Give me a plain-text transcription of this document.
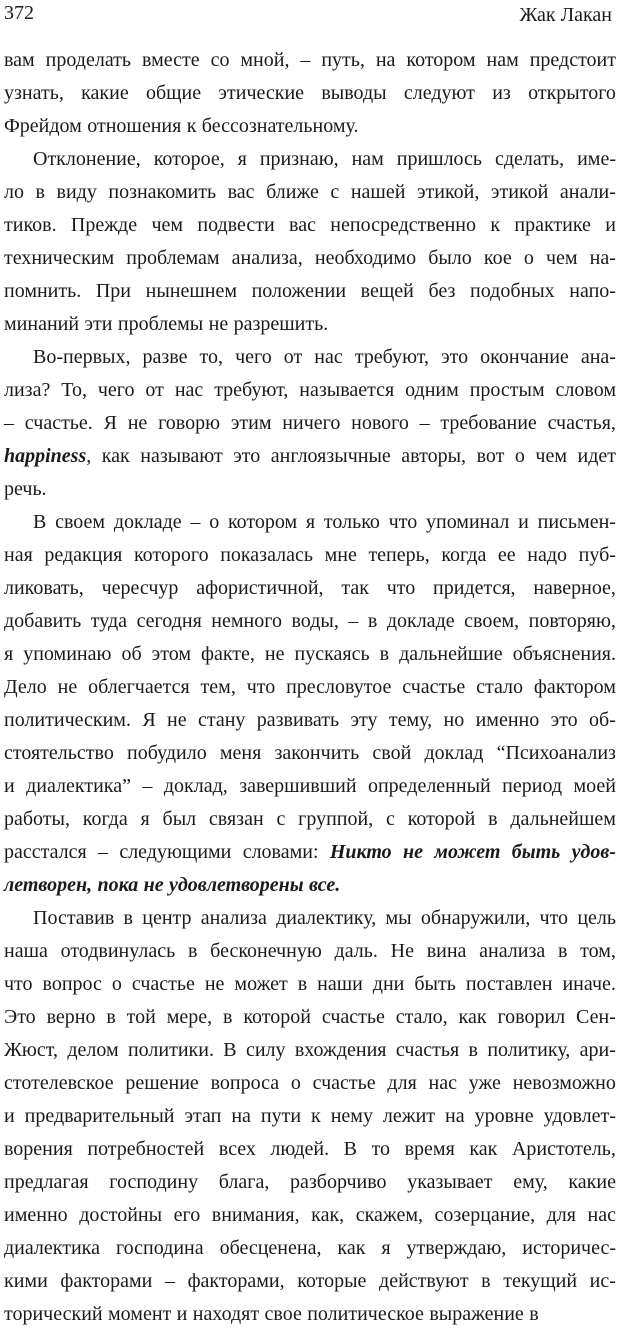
372	Жак Лакан
вам проделать вместе со мной, – путь, на котором нам предстоит
узнать, какие общие этические выводы следуют из открытого
Фрейдом отношения к бессознательному.
Отклонение, которое, я признаю, нам пришлось сделать, име-
ло в виду познакомить вас ближе с нашей этикой, этикой анали-
тиков. Прежде чем подвести вас непосредственно к практике и
техническим проблемам анализа, необходимо было кое о чем на-
помнить. При нынешнем положении вещей без подобных напо-
минаний эти проблемы не разрешить.
Во-первых, разве то, чего от нас требуют, это окончание ана-
лиза? То, чего от нас требуют, называется одним простым словом
– счастье. Я не говорю этим ничего нового – требование счастья,
happiness, как называют это англоязычные авторы, вот о чем идет
речь.
В своем докладе – о котором я только что упоминал и письмен-
ная редакция которого показалась мне теперь, когда ее надо пуб-
ликовать, чересчур афористичной, так что придется, наверное,
добавить туда сегодня немного воды, – в докладе своем, повторяю,
я упоминаю об этом факте, не пускаясь в дальнейшие объяснения.
Дело не облегчается тем, что пресловутое счастье стало фактором
политическим. Я не стану развивать эту тему, но именно это об-
стоятельство побудило меня закончить свой доклад “Психоанализ
и диалектика” – доклад, завершивший определенный период моей
работы, когда я был связан с группой, с которой в дальнейшем
расстался – следующими словами: Никто не может быть удов-
летворен, пока не удовлетворены все.
Поставив в центр анализа диалектику, мы обнаружили, что цель
наша отодвинулась в бесконечную даль. Не вина анализа в том,
что вопрос о счастье не может в наши дни быть поставлен иначе.
Это верно в той мере, в которой счастье стало, как говорил Сен-
Жюст, делом политики. В силу вхождения счастья в политику, ари-
стотелевское решение вопроса о счастье для нас уже невозможно
и предварительный этап на пути к нему лежит на уровне удовлет-
ворения потребностей всех людей. В то время как Аристотель,
предлагая господину блага, разборчиво указывает ему, какие
именно достойны его внимания, как, скажем, созерцание, для нас
диалектика господина обесценена, как я утверждаю, историчес-
кими факторами – факторами, которые действуют в текущий ис-
торический момент и находят свое политическое выражение в
